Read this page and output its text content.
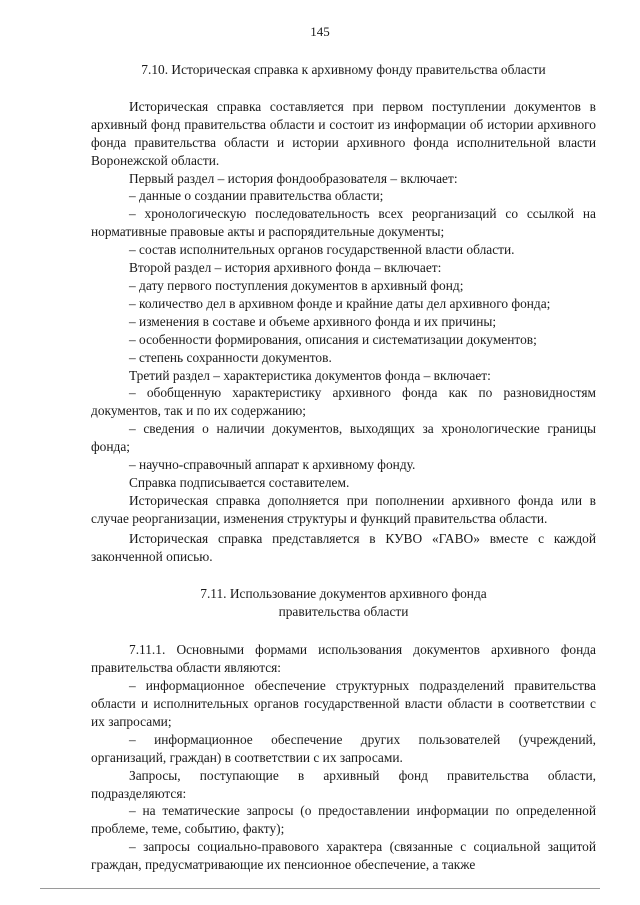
145

7.10. Историческая справка к архивному фонду правительства области

Историческая справка составляется при первом поступлении документов в архивный фонд правительства области и состоит из информации об истории архивного фонда правительства области и истории архивного фонда исполнительной власти Воронежской области.

Первый раздел – история фондообразователя – включает:

– данные о создании правительства области;

– хронологическую последовательность всех реорганизаций со ссылкой на нормативные правовые акты и распорядительные документы;

– состав исполнительных органов государственной власти области.

Второй раздел – история архивного фонда – включает:

– дату первого поступления документов в архивный фонд;

– количество дел в архивном фонде и крайние даты дел архивного фонда;

– изменения в составе и объеме архивного фонда и их причины;

– особенности формирования, описания и систематизации документов;

– степень сохранности документов.

Третий раздел – характеристика документов фонда – включает:

– обобщенную характеристику архивного фонда как по разновидностям документов, так и по их содержанию;

– сведения о наличии документов, выходящих за хронологические границы фонда;

– научно-справочный аппарат к архивному фонду.

Справка подписывается составителем.

Историческая справка дополняется при пополнении архивного фонда или в случае реорганизации, изменения структуры и функций правительства области.

Историческая справка представляется в КУВО «ГАВО» вместе с каждой законченной описью.

7.11. Использование документов архивного фонда
правительства области

7.11.1. Основными формами использования документов архивного фонда правительства области являются:

– информационное обеспечение структурных подразделений правительства области и исполнительных органов государственной власти области в соответствии с их запросами;

– информационное обеспечение других пользователей (учреждений, организаций, граждан) в соответствии с их запросами.

Запросы, поступающие в архивный фонд правительства области, подразделяются:

– на тематические запросы (о предоставлении информации по определенной проблеме, теме, событию, факту);

– запросы социально-правового характера (связанные с социальной защитой граждан, предусматривающие их пенсионное обеспечение, а также
